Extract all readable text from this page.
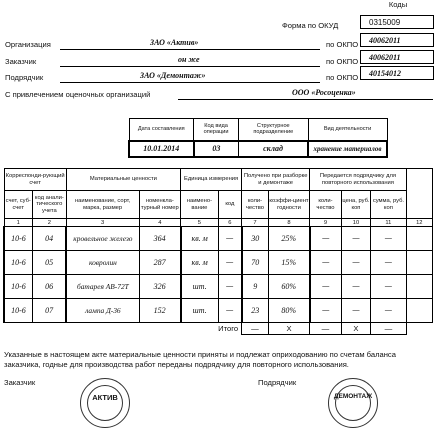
Коды
Форма по ОКУД	0315009
Организация	ЗАО «Актив»	по ОКПО 40062011
Заказчик	он же	по ОКПО 40062011
Подрядчик	ЗАО «Демонтаж»	по ОКПО 40154012
С привлечением оценочных организаций	ООО «Росоценка»
Дата составления	Код вида операции	Структурное подразделение	Вид деятельности
10.01.2014	03	склад	хранение материалов
Корреспонди-рующий счет		Материальные ценности		Единица измерения		Получено при разборке и демонтаже		Передается подрядчику для повторного использования			
счет, суб-счет	код анали-тического учета	наименование, сорт, марка, размер	номенкла-турный номер	наимено-вание	код	коли-чество	коэффи-циент годности	коли-чество	цена, руб. коп	сумма, руб. коп	
1	2	3	4	5	6	7	8	9	10	11	12
10-6	04	кровельное железо	364	кв. м	—	30	25%	—	—	—	
10-6	05	ковролин	287	кв. м	—	70	15%	—	—	—	
10-6	06	батарея АВ-72Т	326	шт.	—	9	60%	—	—	—	
10-6	07	лампа Д-36	152	шт.	—	23	80%	—	—	—	
					Итого	—	X	—	X	—	
Указанные в настоящем акте материальные ценности приняты и подлежат оприходованию по счетам баланса заказчика, годные для производства работ переданы подрядчику для повторного использования.
Заказчик	Подрядчик
АКТИВ	ДЕМОНТАЖ
